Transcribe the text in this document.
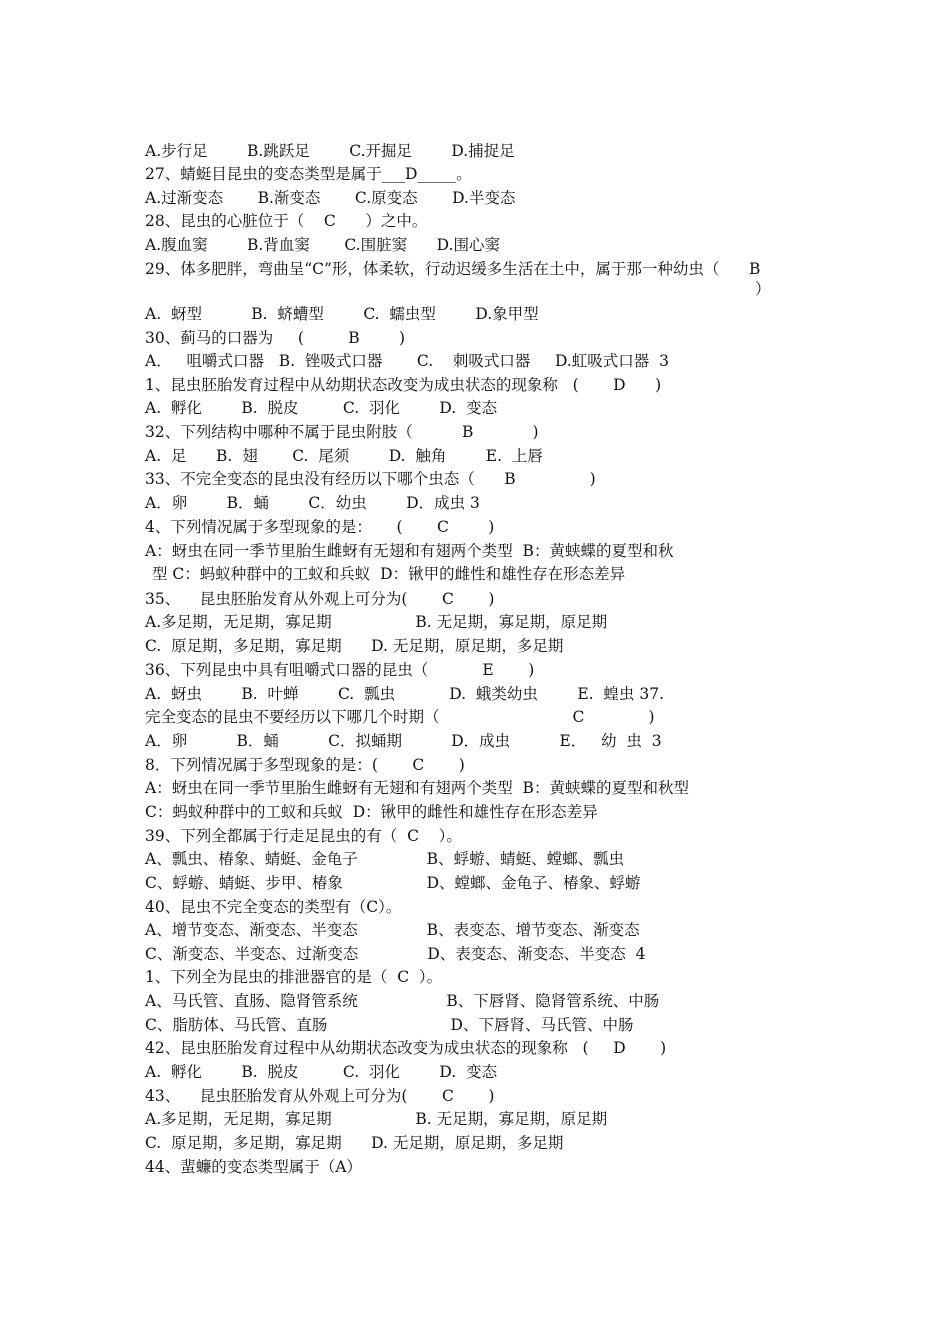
A.步行足        B.跳跃足        C.开掘足        D.捕捉足
27、蜻蜓目昆虫的变态类型是属于___D_____。
A.过渐变态       B.渐变态       C.原变态       D.半变态
28、昆虫的心脏位于（    C      ）之中。
A.腹血窦        B.背血窦       C.围脏窦      D.围心窦
29、体多肥胖，弯曲呈“C”形，体柔软，行动迟缓多生活在土中，属于那一种幼虫（      B
）
A.  蚜型          B.  蛴螬型        C.  蠕虫型        D.象甲型
30、蓟马的口器为     (         B        )
A．   咀嚼式口器   B.  锉吸式口器       C.    刺吸式口器     D.虹吸式口器  3
1、昆虫胚胎发育过程中从幼期状态改变为成虫状态的现象称   (       D      )
A.  孵化        B.  脱皮         C.  羽化        D.  变态
32、下列结构中哪种不属于昆虫附肢（          B            )
A.  足      B.  翅       C.  尾须        D.  触角        E.  上唇
33、不完全变态的昆虫没有经历以下哪个虫态（      B               )
A．卵        B．蛹        C．幼虫        D．成虫 3
4、下列情况属于多型现象的是：     (       C        )
A：蚜虫在同一季节里胎生雌蚜有无翅和有翅两个类型  B：黄蛱蝶的夏型和秋
型 C：蚂蚁种群中的工蚁和兵蚁  D：锹甲的雌性和雄性存在形态差异
35、    昆虫胚胎发育从外观上可分为(       C       )
A.多足期，无足期，寡足期                 B. 无足期，寡足期，原足期
C.  原足期，多足期，寡足期      D. 无足期，原足期，多足期
36、下列昆虫中具有咀嚼式口器的昆虫（           E       )
A.  蚜虫        B.  叶蝉        C.  瓢虫           D.  蛾类幼虫        E.  蝗虫 37.
完全变态的昆虫不要经历以下哪几个时期（                           C             )
A．卵          B．蛹          C．拟蛹期          D．成虫          E．   幼  虫  3
8．下列情况属于多型现象的是：(       C       )
A：蚜虫在同一季节里胎生雌蚜有无翅和有翅两个类型  B：黄蛱蝶的夏型和秋型
C：蚂蚁种群中的工蚁和兵蚁  D：锹甲的雌性和雄性存在形态差异
39、下列全都属于行走足昆虫的有（  C    ）。
A、瓢虫、椿象、蜻蜓、金龟子              B、蜉蝣、蜻蜓、螳螂、瓢虫
C、蜉蝣、蜻蜓、步甲、椿象                 D、螳螂、金龟子、椿象、蜉蝣
40、昆虫不完全变态的类型有（C）。
A、增节变态、渐变态、半变态              B、表变态、增节变态、渐变态
C、渐变态、半变态、过渐变态              D、表变态、渐变态、半变态  4
1、下列全为昆虫的排泄器官的是（  C  ）。
A、马氏管、直肠、隐肾管系统                  B、下唇肾、隐肾管系统、中肠
C、脂肪体、马氏管、直肠                         D、下唇肾、马氏管、中肠
42、昆虫胚胎发育过程中从幼期状态改变为成虫状态的现象称   (     D       )
A.  孵化        B.  脱皮         C.  羽化        D.  变态
43、    昆虫胚胎发育从外观上可分为(       C       )
A.多足期，无足期，寡足期                 B. 无足期，寡足期，原足期
C.  原足期，多足期，寡足期      D. 无足期，原足期，多足期
44、蜚蠊的变态类型属于（A）
